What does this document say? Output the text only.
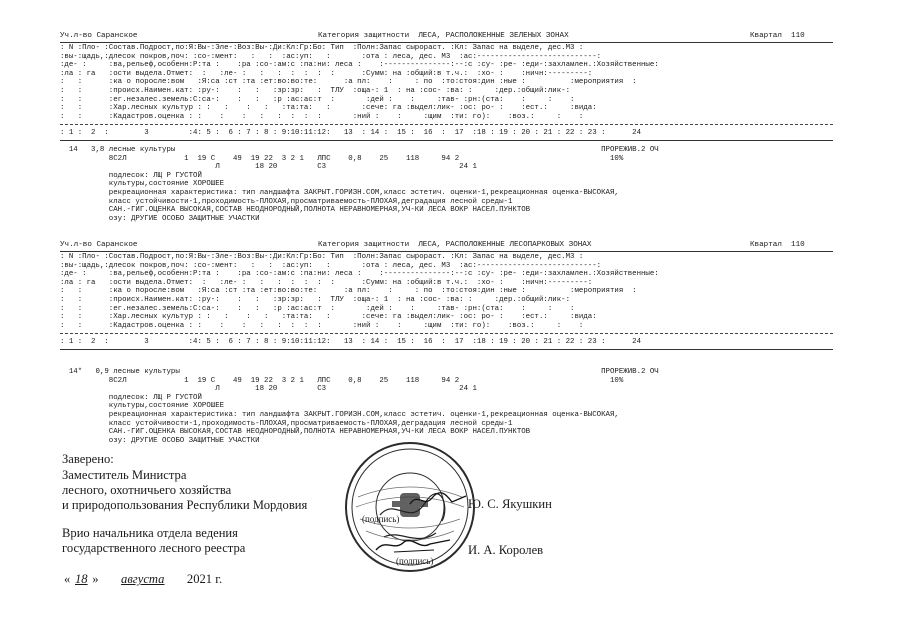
Уч.л-во Саранское	Категория защитности  ЛЕСА, РАСПОЛОЖЕННЫЕ ЗЕЛЕНЫХ ЗОНАХ	Квартал  110
: N :Пло- :Состав.Подрост,по:Я:Вы-:Эле-:Воз:Вы-:Ди:Кл:Гр:Бо: Тип  :Полн:Запас сырораст. :Кл: Запас на выделе, дес.М3 :
:вы-:щадь,:длесок покров,поч: :со-:мент:   :   :  :ас:уп:   :       :ота : леса, дес. М3  :ас:---------------------------:
:де- :     :ва,рельеф,особенн:Р:та :    :ра :со-:ам:с :па:ни: леса :    :---------------:--:с :су- :ре- :еди-:захламлен.:Хозяйственные:
:ла : га   :ости выдела.Отмет:  :   :ле- :   :   :  :  :  :  :      :Сумм: на :общий:в т.ч.:  :хо- :    :ничн:---------:
:   :      :ка о поросле:вом   :Я:са :ст :та :ет:во:во:те:      :а пл:    :     : по  :то:стоя:дин :ные :          :мероприятия  :
:   :      :происх.Наимен.кат: :ру-:    :   :   :зр:зр:   :  ТЛУ  :оща-: 1  : на :сос- :ва: :     :дер.:общий:лик-:
:   :      :ег.незалес.земель:С:са-:    :   :   :р :ас:ас:т  :       :дей :    :     :тав- :рн:(ста:    :     :    :
:   :      :Хар.лесных культур : :   :    :   :   :та:та:   :       :сече: га :выдел:лик- :ос: ро- :    :ест.:     :вида:
:   :      :Кадастров.оценка : :    :    :   :   :  :  :  :       :ний :    :     :щим  :ти: го):    :воз.:     :    :
: 1 :  2  :        3         :4: 5 :  6 : 7 : 8 : 9:10:11:12:   13  : 14 :  15 :  16  :  17  :18 : 19 : 20 : 21 : 22 : 23 :      24
14   3,8 лесные культуры                                                                                                ПРОРЕЖИВ.2 ОЧ
8С2Л             1  19 С    49  19 22  3 2 1   ЛПС    0,8    25    118     94 2                                  10%
Л        18 20         С3                              24 1
подлесок: ЛЩ Р ГУСТОЙ
культуры,состояние ХОРОШЕЕ
рекреационная характеристика: тип ландшафта ЗАКРЫТ.ГОРИЗН.СОМ,класс эстетич. оценки-1,рекреационная оценка-ВЫСОКАЯ,
класс устойчивости-1,проходимость-ПЛОХАЯ,просматриваемость-ПЛОХАЯ,деградация лесной среды-1
САН.-ГИГ.ОЦЕНКА ВЫСОКАЯ,СОСТАВ НЕОДНОРОДНЫЙ,ПОЛНОТА НЕРАВНОМЕРНАЯ,УЧ-КИ ЛЕСА ВОКР НАСЕЛ.ПУНКТОВ
озу: ДРУГИЕ ОСОБО ЗАЩИТНЫЕ УЧАСТКИ
Уч.л-во Саранское	Категория защитности  ЛЕСА, РАСПОЛОЖЕННЫЕ ЛЕСОПАРКОВЫХ ЗОНАХ	Квартал  110
: N :Пло- :Состав.Подрост,по:Я:Вы-:Эле-:Воз:Вы-:Ди:Кл:Гр:Бо: Тип  :Полн:Запас сырораст. :Кл: Запас на выделе, дес.М3 :
:вы-:щадь,:длесок покров,поч: :со-:мент:   :   :  :ас:уп:   :       :ота : леса, дес. М3  :ас:---------------------------:
:де- :     :ва,рельеф,особенн:Р:та :    :ра :со-:ам:с :па:ни: леса :    :---------------:--:с :су- :ре- :еди-:захламлен.:Хозяйственные:
:ла : га   :ости выдела.Отмет:  :   :ле- :   :   :  :  :  :  :      :Сумм: на :общий:в т.ч.:  :хо- :    :ничн:---------:
:   :      :ка о поросле:вом   :Я:са :ст :та :ет:во:во:те:      :а пл:    :     : по  :то:стоя:дин :ные :          :мероприятия  :
:   :      :происх.Наимен.кат: :ру-:    :   :   :зр:зр:   :  ТЛУ  :оща-: 1  : на :сос- :ва: :     :дер.:общий:лик-:
:   :      :ег.незалес.земель:С:са-:    :   :   :р :ас:ас:т  :       :дей :    :     :тав- :рн:(ста:    :     :    :
:   :      :Хар.лесных культур : :   :    :   :   :та:та:   :       :сече: га :выдел:лик- :ос: ро- :    :ест.:     :вида:
:   :      :Кадастров.оценка : :    :    :   :   :  :  :  :       :ний :    :     :щим  :ти: го):    :воз.:     :    :
: 1 :  2  :        3         :4: 5 :  6 : 7 : 8 : 9:10:11:12:   13  : 14 :  15 :  16  :  17  :18 : 19 : 20 : 21 : 22 : 23 :      24
14*   0,9 лесные культуры                                                                                               ПРОРЕЖИВ.2 ОЧ
8С2Л             1  19 С    49  19 22  3 2 1   ЛПС    0,8    25    118     94 2                                  10%
Л        18 20         С3                              24 1
подлесок: ЛЩ Р ГУСТОЙ
культуры,состояние ХОРОШЕЕ
рекреационная характеристика: тип ландшафта ЗАКРЫТ.ГОРИЗН.СОМ,класс эстетич. оценки-1,рекреационная оценка-ВЫСОКАЯ,
класс устойчивости-1,проходимость-ПЛОХАЯ,просматриваемость-ПЛОХАЯ,деградация лесной среды-1
САН.-ГИГ.ОЦЕНКА ВЫСОКАЯ,СОСТАВ НЕОДНОРОДНЫЙ,ПОЛНОТА НЕРАВНОМЕРНАЯ,УЧ-КИ ЛЕСА ВОКР НАСЕЛ.ПУНКТОВ
озу: ДРУГИЕ ОСОБО ЗАЩИТНЫЕ УЧАСТКИ
Заверено:
Заместитель Министра
лесного, охотничьего хозяйства
и природопользования Республики Мордовия	Ю. С. Якушкин
Врио начальника отдела ведения
государственного лесного реестра	И. А. Королев
« 18 » августа 2021 г.
(подпись)
(подпись)
